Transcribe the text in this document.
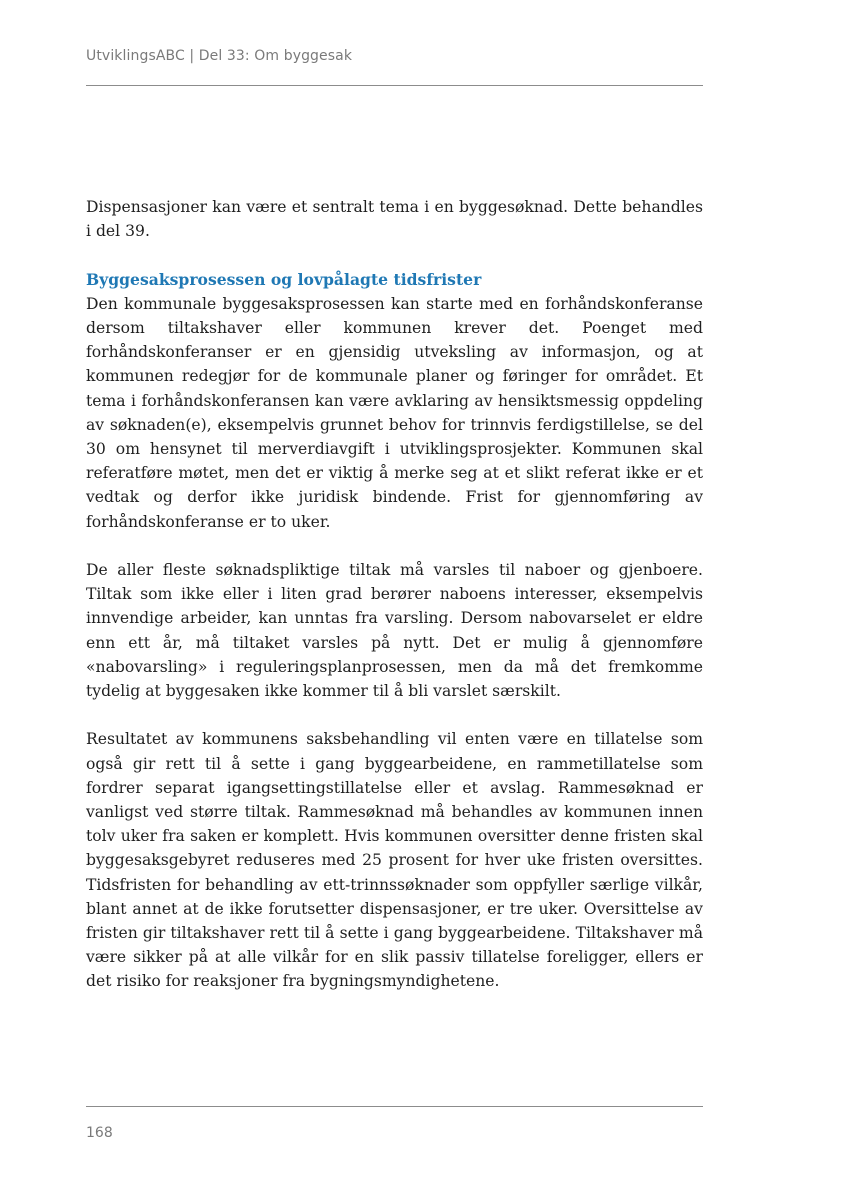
UtviklingsABC | Del 33: Om byggesak

Dispensasjoner kan være et sentralt tema i en byggesøknad. Dette behandles i del 39.

Byggesaksprosessen og lovpålagte tidsfrister

Den kommunale byggesaksprosessen kan starte med en forhåndskonferanse dersom tiltakshaver eller kommunen krever det. Poenget med forhåndskonferanser er en gjensidig utveksling av informasjon, og at kommunen redegjør for de kommunale planer og føringer for området. Et tema i forhåndskonferansen kan være avklaring av hensiktsmessig oppdeling av søknaden(e), eksempelvis grunnet behov for trinnvis ferdigstillelse, se del 30 om hensynet til merverdiavgift i utviklingsprosjekter. Kommunen skal referatføre møtet, men det er viktig å merke seg at et slikt referat ikke er et vedtak og derfor ikke juridisk bindende. Frist for gjennomføring av forhåndskonferanse er to uker.

De aller fleste søknadspliktige tiltak må varsles til naboer og gjenboere. Tiltak som ikke eller i liten grad berører naboens interesser, eksempelvis innvendige arbeider, kan unntas fra varsling. Dersom nabovarselet er eldre enn ett år, må tiltaket varsles på nytt. Det er mulig å gjennomføre «nabovarsling» i reguleringsplanprosessen, men da må det fremkomme tydelig at byggesaken ikke kommer til å bli varslet særskilt.

Resultatet av kommunens saksbehandling vil enten være en tillatelse som også gir rett til å sette i gang byggearbeidene, en rammetillatelse som fordrer separat igangsettingstillatelse eller et avslag. Rammesøknad er vanligst ved større tiltak. Rammesøknad må behandles av kommunen innen tolv uker fra saken er komplett. Hvis kommunen oversitter denne fristen skal byggesaksgebyret reduseres med 25 prosent for hver uke fristen oversittes. Tidsfristen for behandling av ett-trinnssøknader som oppfyller særlige vilkår, blant annet at de ikke forutsetter dispensasjoner, er tre uker. Oversittelse av fristen gir tiltakshaver rett til å sette i gang byggearbeidene. Tiltakshaver må være sikker på at alle vilkår for en slik passiv tillatelse foreligger, ellers er det risiko for reaksjoner fra bygningsmyndighetene.

168
